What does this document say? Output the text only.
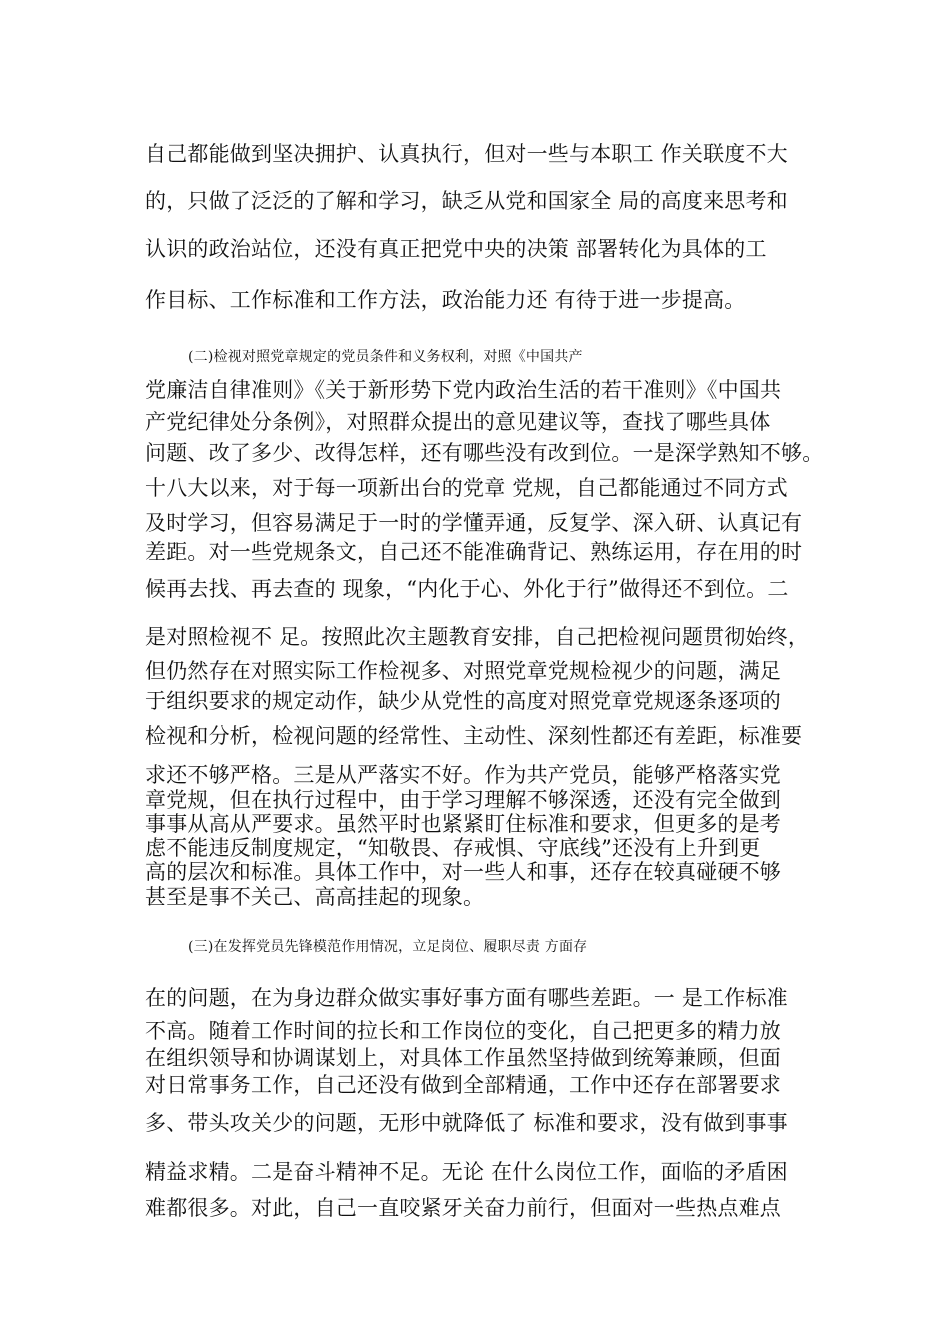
自己都能做到坚决拥护、认真执行，但对一些与本职工 作关联度不大
的，只做了泛泛的了解和学习，缺乏从党和国家全 局的高度来思考和
认识的政治站位，还没有真正把党中央的决策 部署转化为具体的工
作目标、工作标准和工作方法，政治能力还 有待于进一步提高。
(二)检视对照党章规定的党员条件和义务权利，对照《中国共产
党廉洁自律准则》《关于新形势下党内政治生活的若干准则》《中国共
产党纪律处分条例》，对照群众提出的意见建议等，查找了哪些具体
问题、改了多少、改得怎样，还有哪些没有改到位。一是深学熟知不够。
十八大以来，对于每一项新出台的党章 党规，自己都能通过不同方式
及时学习，但容易满足于一时的学懂弄通，反复学、深入研、认真记有
差距。对一些党规条文，自己还不能准确背记、熟练运用，存在用的时
候再去找、再去查的 现象，“内化于心、外化于行”做得还不到位。二
是对照检视不 足。按照此次主题教育安排，自己把检视问题贯彻始终，
但仍然存在对照实际工作检视多、对照党章党规检视少的问题，满足
于组织要求的规定动作，缺少从党性的高度对照党章党规逐条逐项的
检视和分析，检视问题的经常性、主动性、深刻性都还有差距，标准要
求还不够严格。三是从严落实不好。作为共产党员，能够严格落实党
章党规，但在执行过程中，由于学习理解不够深透，还没有完全做到
事事从高从严要求。虽然平时也紧紧盯住标准和要求，但更多的是考
虑不能违反制度规定，“知敬畏、存戒惧、守底线”还没有上升到更
高的层次和标准。具体工作中，对一些人和事，还存在较真碰硬不够
甚至是事不关己、高高挂起的现象。
(三)在发挥党员先锋模范作用情况，立足岗位、履职尽责 方面存
在的问题，在为身边群众做实事好事方面有哪些差距。一 是工作标准
不高。随着工作时间的拉长和工作岗位的变化，自己把更多的精力放
在组织领导和协调谋划上，对具体工作虽然坚持做到统筹兼顾，但面
对日常事务工作，自己还没有做到全部精通，工作中还存在部署要求
多、带头攻关少的问题，无形中就降低了 标准和要求，没有做到事事
精益求精。二是奋斗精神不足。无论 在什么岗位工作，面临的矛盾困
难都很多。对此，自己一直咬紧牙关奋力前行，但面对一些热点难点
